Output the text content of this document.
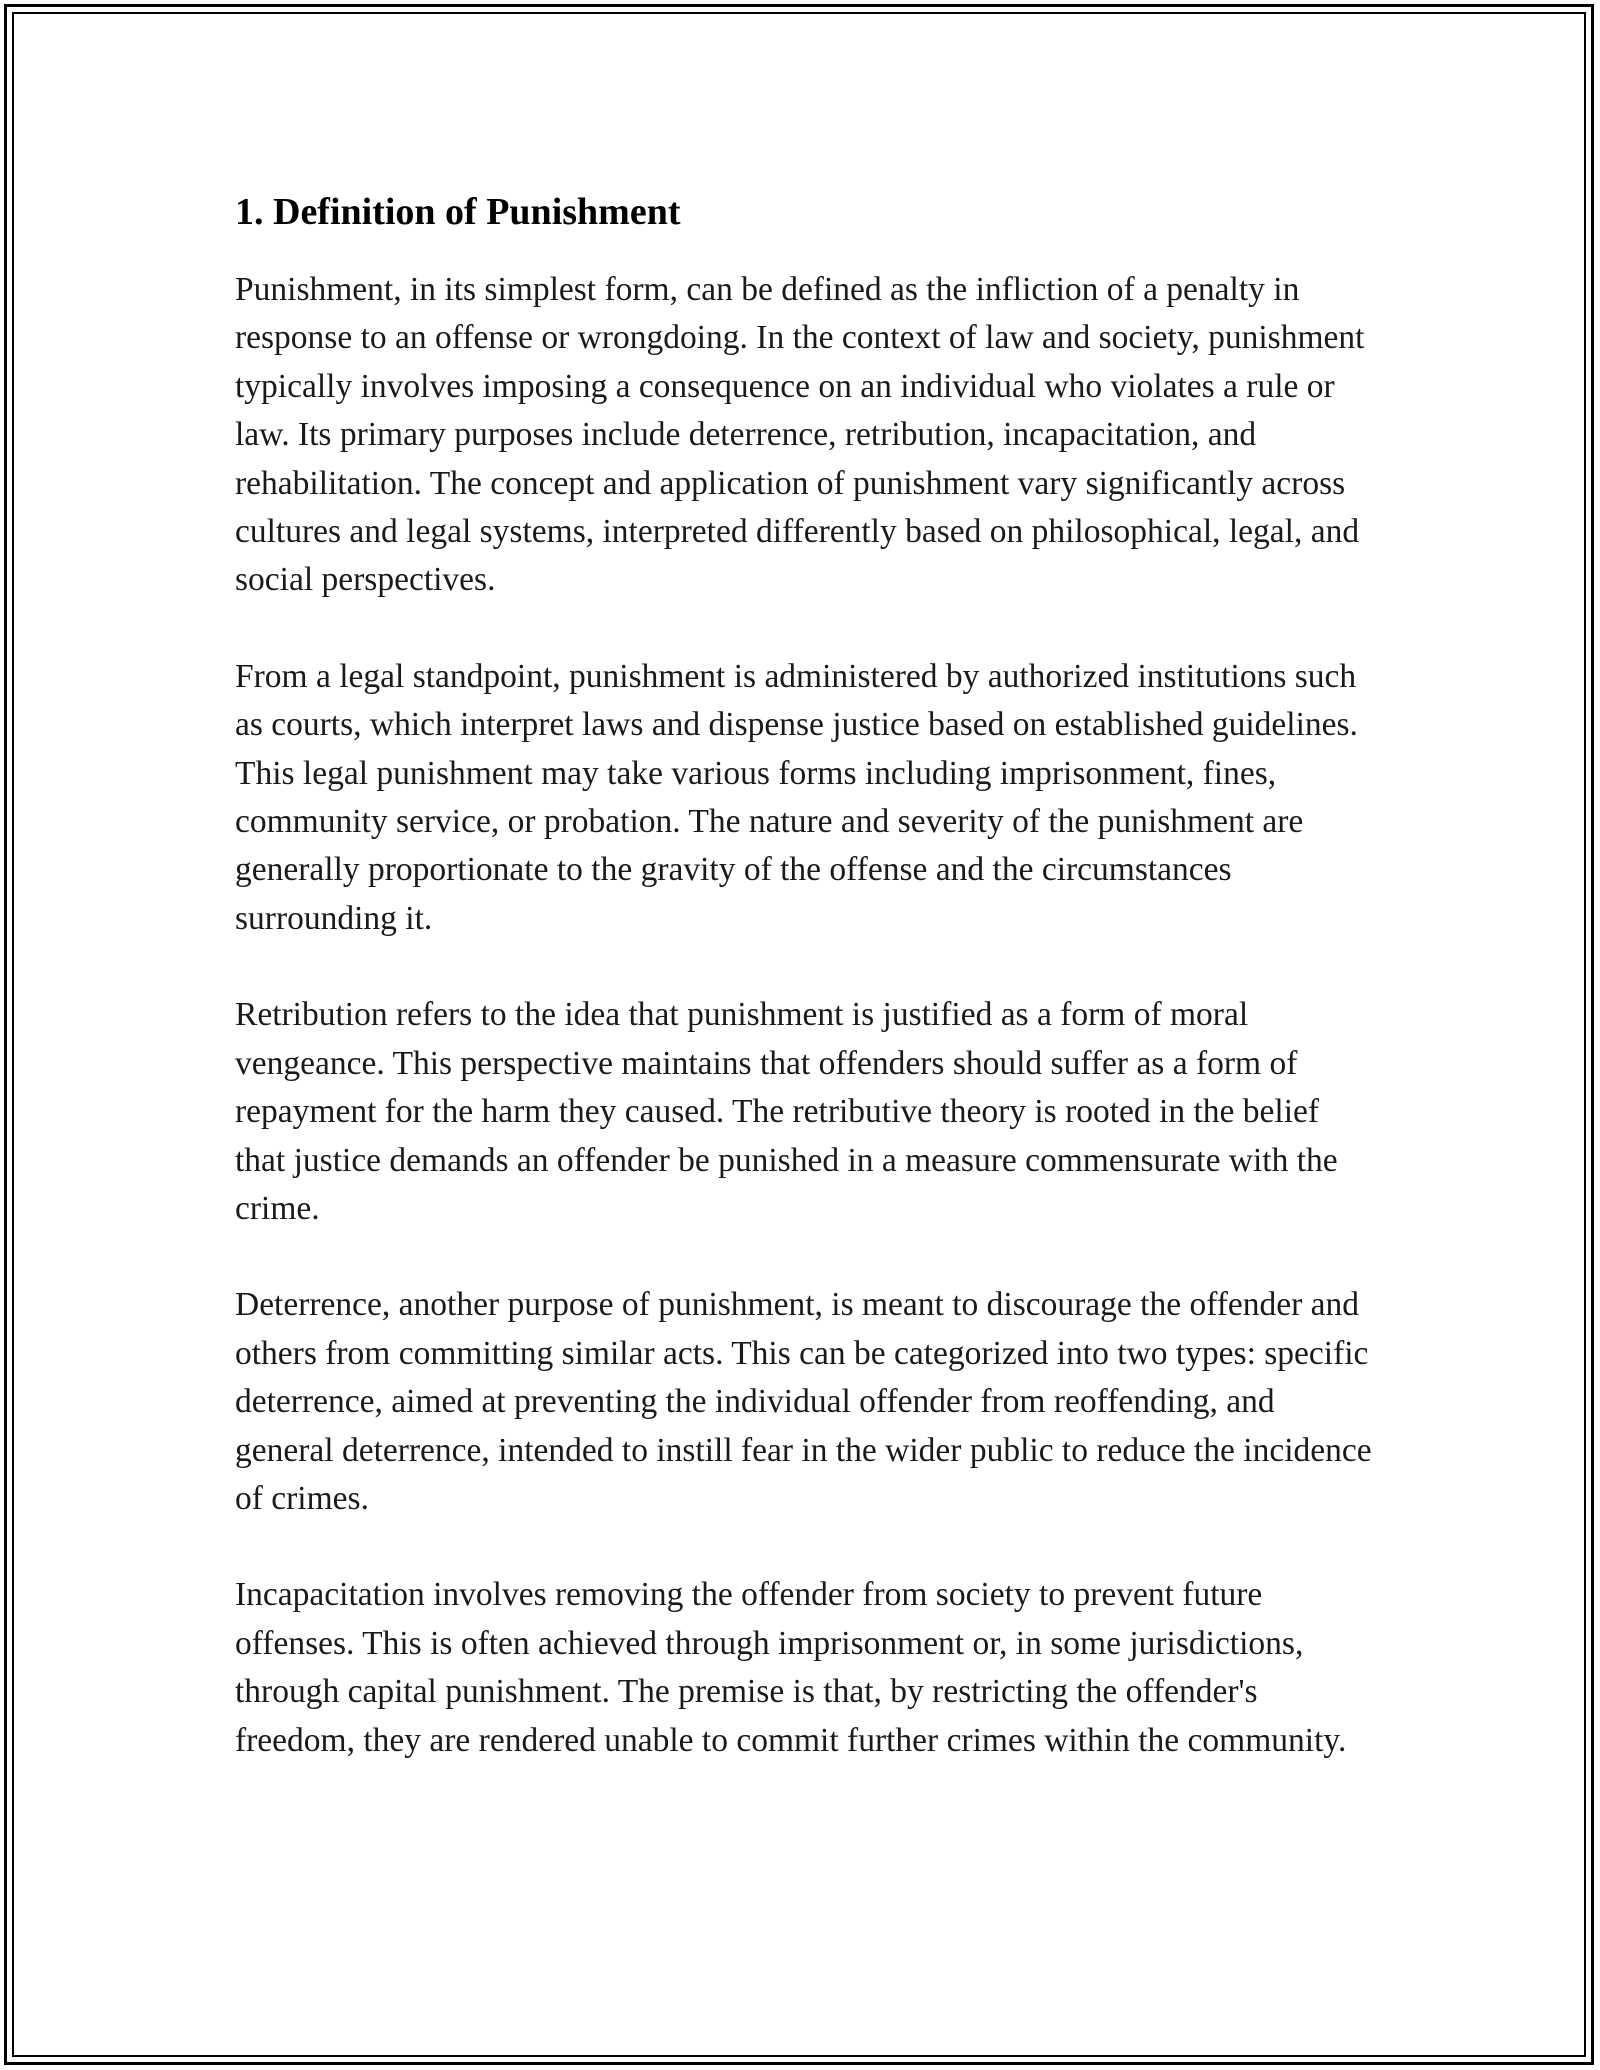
1. Definition of Punishment

Punishment, in its simplest form, can be defined as the infliction of a penalty in response to an offense or wrongdoing. In the context of law and society, punishment typically involves imposing a consequence on an individual who violates a rule or law. Its primary purposes include deterrence, retribution, incapacitation, and rehabilitation. The concept and application of punishment vary significantly across cultures and legal systems, interpreted differently based on philosophical, legal, and social perspectives.

From a legal standpoint, punishment is administered by authorized institutions such as courts, which interpret laws and dispense justice based on established guidelines. This legal punishment may take various forms including imprisonment, fines, community service, or probation. The nature and severity of the punishment are generally proportionate to the gravity of the offense and the circumstances surrounding it.

Retribution refers to the idea that punishment is justified as a form of moral vengeance. This perspective maintains that offenders should suffer as a form of repayment for the harm they caused. The retributive theory is rooted in the belief that justice demands an offender be punished in a measure commensurate with the crime.

Deterrence, another purpose of punishment, is meant to discourage the offender and others from committing similar acts. This can be categorized into two types: specific deterrence, aimed at preventing the individual offender from reoffending, and general deterrence, intended to instill fear in the wider public to reduce the incidence of crimes.

Incapacitation involves removing the offender from society to prevent future offenses. This is often achieved through imprisonment or, in some jurisdictions, through capital punishment. The premise is that, by restricting the offender's freedom, they are rendered unable to commit further crimes within the community.
